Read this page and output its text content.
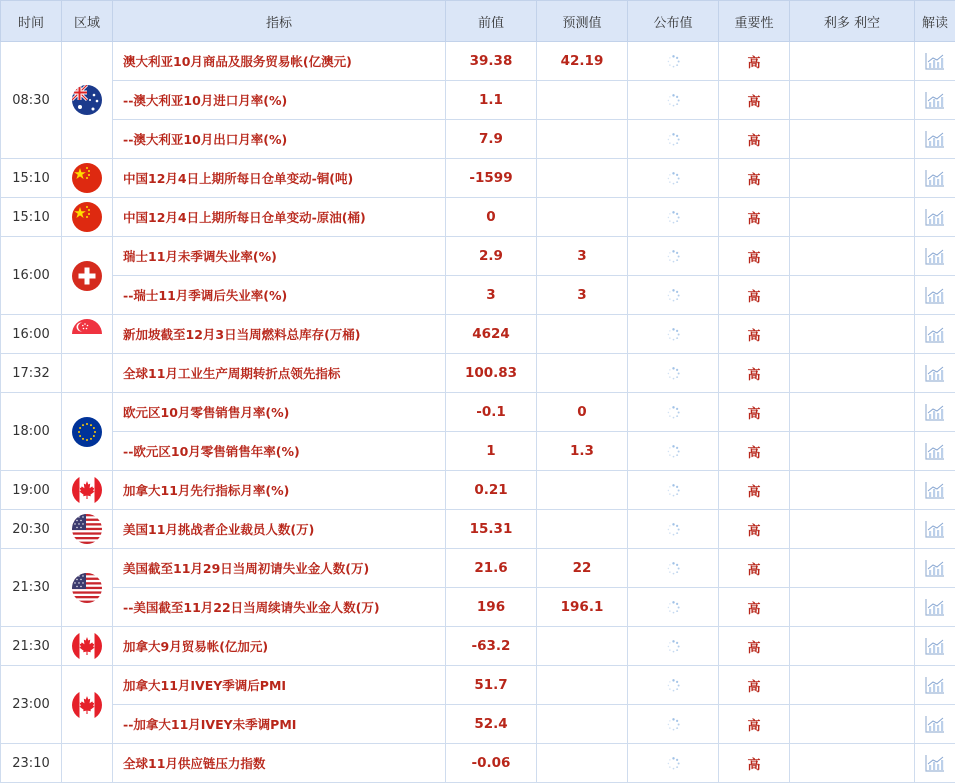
时间	区域	指标	前值	预测值	公布值	重要性	利多 利空	解读
08:30		澳大利亚10月商品及服务贸易帐(亿澳元)	39.38	42.19		高		
		--澳大利亚10月进口月率(%)	1.1			高		
		--澳大利亚10月出口月率(%)	7.9			高		
15:10		中国12月4日上期所每日仓单变动-铜(吨)	-1599			高		
15:10		中国12月4日上期所每日仓单变动-原油(桶)	0			高		
16:00		瑞士11月未季调失业率(%)	2.9	3		高		
		--瑞士11月季调后失业率(%)	3	3		高		
16:00		新加坡截至12月3日当周燃料总库存(万桶)	4624			高		
17:32		全球11月工业生产周期转折点领先指标	100.83			高		
18:00		欧元区10月零售销售月率(%)	-0.1	0		高		
		--欧元区10月零售销售年率(%)	1	1.3		高		
19:00		加拿大11月先行指标月率(%)	0.21			高		
20:30		美国11月挑战者企业裁员人数(万)	15.31			高		
21:30		美国截至11月29日当周初请失业金人数(万)	21.6	22		高		
		--美国截至11月22日当周续请失业金人数(万)	196	196.1		高		
21:30		加拿大9月贸易帐(亿加元)	-63.2			高		
23:00		加拿大11月IVEY季调后PMI	51.7			高		
		--加拿大11月IVEY未季调PMI	52.4			高		
23:10		全球11月供应链压力指数	-0.06			高		
